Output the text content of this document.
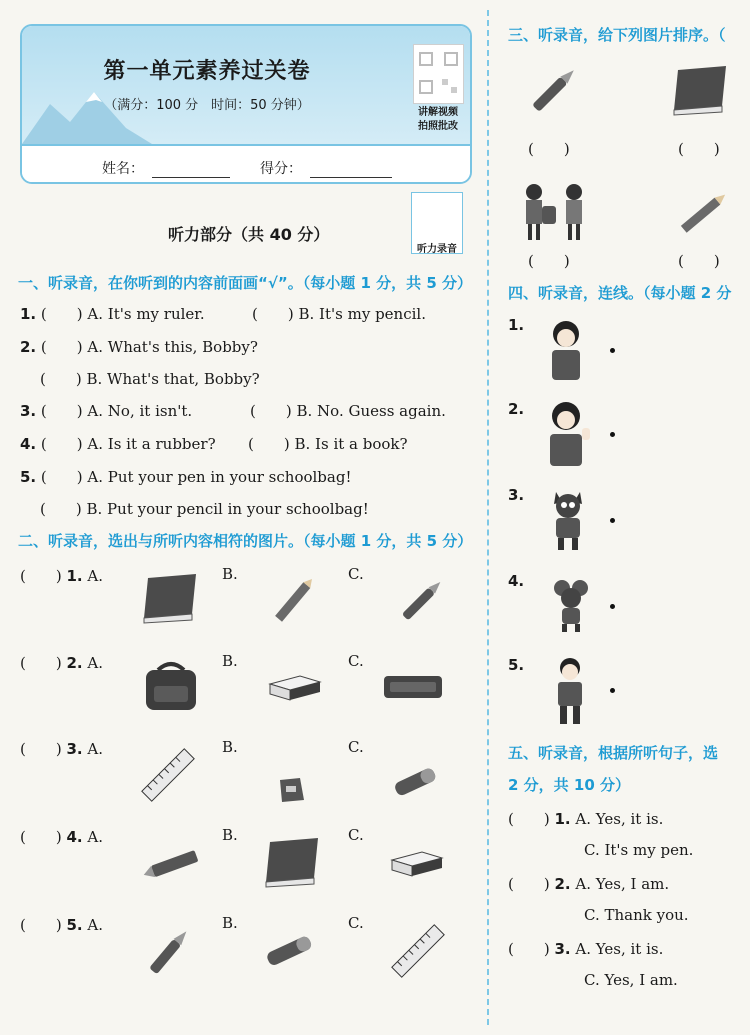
第一单元素养过关卷
（满分：100 分　时间：50 分钟）	讲解视频
拍照批改
姓名：	得分：
听力部分（共 40 分）
听力录音
一、听录音，在你听到的内容前面画“√”。（每小题 1 分，共 5 分）
1. (　　) A. It's my ruler.	(　　) B. It's my pencil.
2. (　　) A. What's this, Bobby?
(　　) B. What's that, Bobby?
3. (　　) A. No, it isn't.	(　　) B. No. Guess again.
4. (　　) A. Is it a rubber? (　　) B. Is it a book?
5. (　　) A. Put your pen in your schoolbag!
(　　) B. Put your pencil in your schoolbag!
二、听录音，选出与所听内容相符的图片。（每小题 1 分，共 5 分）
(　　) 1. A.	B.	C.
(　　) 2. A.	B.	C.
(　　) 3. A.	B.	C.
(　　) 4. A.	B.	C.
(　　) 5. A.	B.	C.
三、听录音，给下列图片排序。（
(　　)	(　　)
(　　)	(　　)
四、听录音，连线。（每小题 2 分
1.
2.
3.
4.
5.
五、听录音，根据所听句子，选
2 分，共 10 分）
(　　) 1. A. Yes, it is.
C. It's my pen.
(　　) 2. A. Yes, I am.
C. Thank you.
(　　) 3. A. Yes, it is.
C. Yes, I am.
